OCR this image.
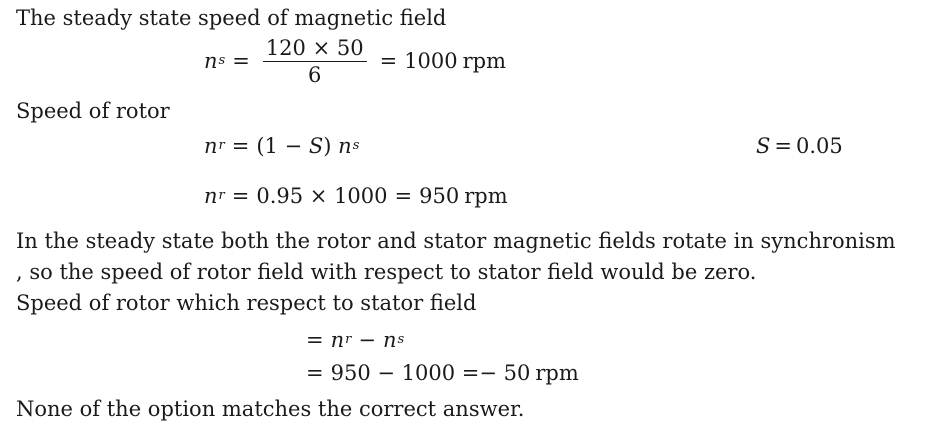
The steady state speed of magnetic field
n $s = \frac{120 \times 50}{6} = 1000$ rpm
Speed of rotor
n r = (1 −
S )
n s	S = 0.05
n r = 0.95 × 1000 = 950 rpm
In the steady state both the rotor and stator magnetic fields rotate in synchronism
, so the speed of rotor field with respect to stator field would be zero.
Speed of rotor which respect to stator field
= n r − n s
= 950 − 1000 =− 50 rpm
None of the option matches the correct answer.
